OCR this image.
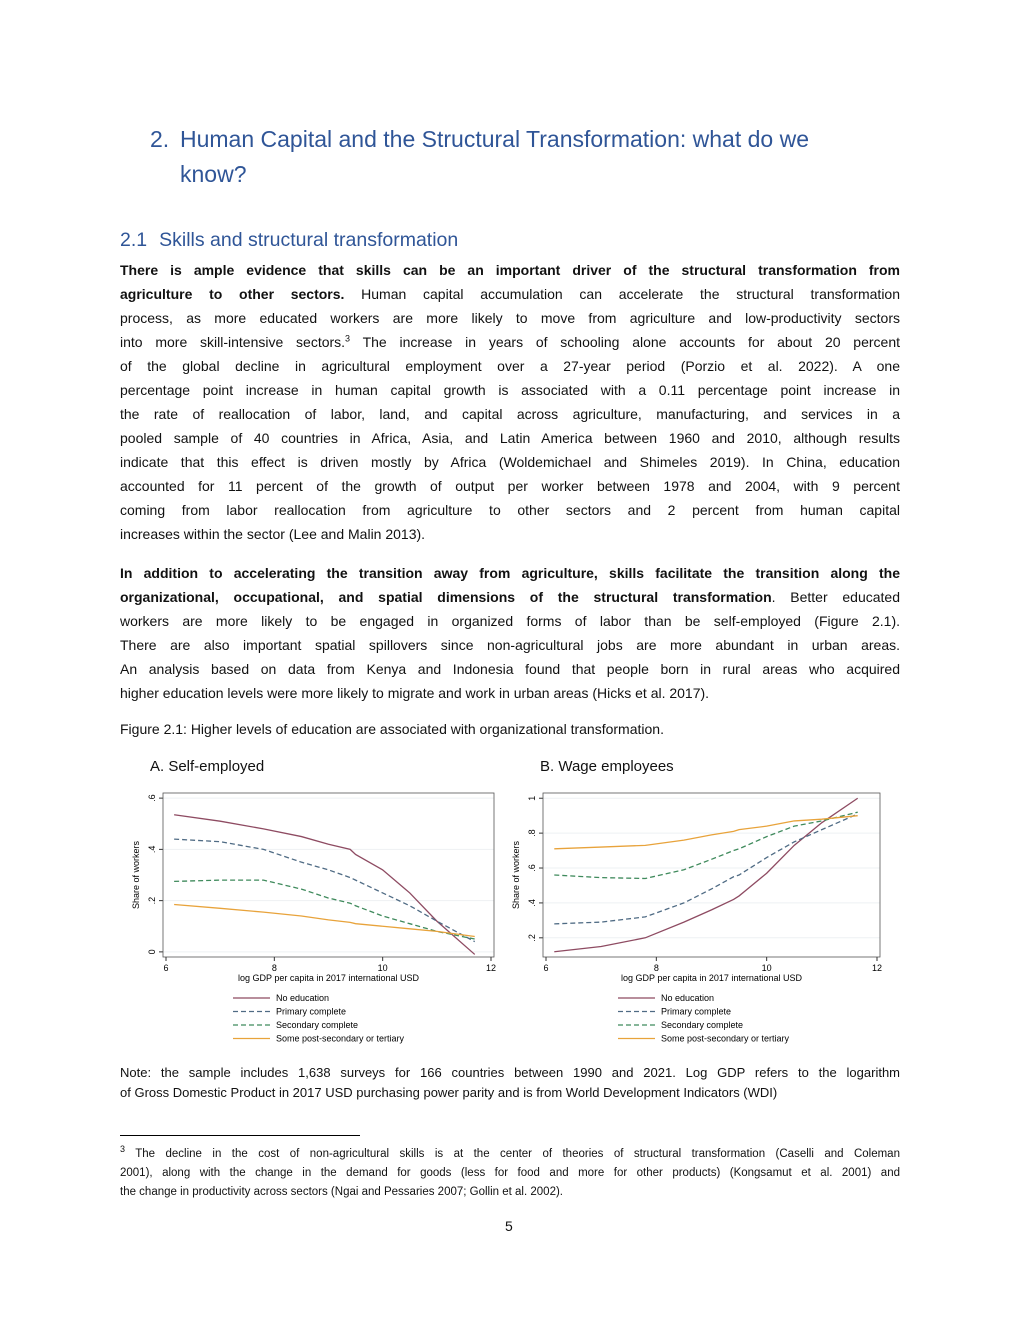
2. Human Capital and the Structural Transformation: what do we
know?
2.1 Skills and structural transformation
There is ample evidence that skills can be an important driver of the structural transformation from
agriculture to other sectors. Human capital accumulation can accelerate the structural transformation
process, as more educated workers are more likely to move from agriculture and low-productivity sectors
into more skill-intensive sectors.$^3$ The increase in years of schooling alone accounts for about 20 percent
of the global decline in agricultural employment over a 27-year period (Porzio et al. 2022). A one
percentage point increase in human capital growth is associated with a 0.11 percentage point increase in
the rate of reallocation of labor, land, and capital across agriculture, manufacturing, and services in a
pooled sample of 40 countries in Africa, Asia, and Latin America between 1960 and 2010, although results
indicate that this effect is driven mostly by Africa (Woldemichael and Shimeles 2019). In China, education
accounted for 11 percent of the growth of output per worker between 1978 and 2004, with 9 percent
coming from labor reallocation from agriculture to other sectors and 2 percent from human capital
increases within the sector (Lee and Malin 2013).
In addition to accelerating the transition away from agriculture, skills facilitate the transition along the
organizational, occupational, and spatial dimensions of the structural transformation. Better educated
workers are more likely to be engaged in organized forms of labor than be self-employed (Figure 2.1).
There are also important spatial spillovers since non-agricultural jobs are more abundant in urban areas.
An analysis based on data from Kenya and Indonesia found that people born in rural areas who acquired
higher education levels were more likely to migrate and work in urban areas (Hicks et al. 2017).
Figure 2.1: Higher levels of education are associated with organizational transformation.
A. Self-employed	B. Wage employees
0
.2
.4
.6
6	8	10	12
log GDP per capita in 2017 international USD
Share of workers
No education
Primary complete
Secondary complete
Some post-secondary or tertiary
.2
.4
.6
.8
1
6	8	10	12
log GDP per capita in 2017 international USD
Share of workers
No education
Primary complete
Secondary complete
Some post-secondary or tertiary
Note: the sample includes 1,638 surveys for 166 countries between 1990 and 2021. Log GDP refers to the logarithm
of Gross Domestic Product in 2017 USD purchasing power parity and is from World Development Indicators (WDI)
$^3$ The decline in the cost of non-agricultural skills is at the center of theories of structural transformation (Caselli and Coleman
2001), along with the change in the demand for goods (less for food and more for other products) (Kongsamut et al. 2001) and
the change in productivity across sectors (Ngai and Pessaries 2007; Gollin et al. 2002).
5
